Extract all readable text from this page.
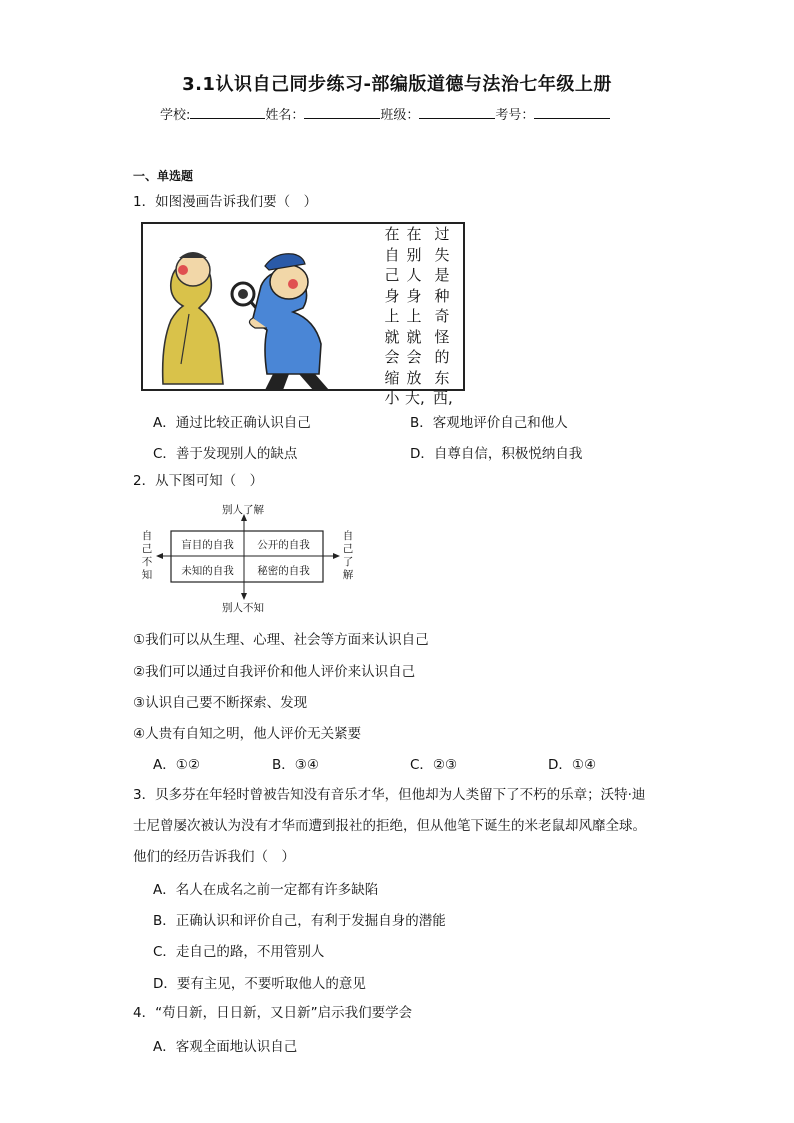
3.1认识自己同步练习-部编版道德与法治七年级上册
学校:	姓名：	班级：	考号：
一、单选题
1．如图漫画告诉我们要（　）
在自己身上就会缩小
在别人身上就会放大,
过失是种奇怪的东西,
A．通过比较正确认识自己	B．客观地评价自己和他人
C．善于发现别人的缺点	D．自尊自信，积极悦纳自我
2．从下图可知（　）
别人了解
别人不知
自己不知
自己了解
盲目的自我	公开的自我
未知的自我	秘密的自我
①我们可以从生理、心理、社会等方面来认识自己
②我们可以通过自我评价和他人评价来认识自己
③认识自己要不断探索、发现
④人贵有自知之明，他人评价无关紧要
A．①②	B．③④	C．②③	D．①④
3．贝多芬在年轻时曾被告知没有音乐才华，但他却为人类留下了不朽的乐章；沃特·迪
士尼曾屡次被认为没有才华而遭到报社的拒绝，但从他笔下诞生的米老鼠却风靡全球。
他们的经历告诉我们（　）
A．名人在成名之前一定都有许多缺陷
B．正确认识和评价自己，有利于发掘自身的潜能
C．走自己的路，不用管别人
D．要有主见，不要听取他人的意见
4．“苟日新，日日新，又日新”启示我们要学会
A．客观全面地认识自己
